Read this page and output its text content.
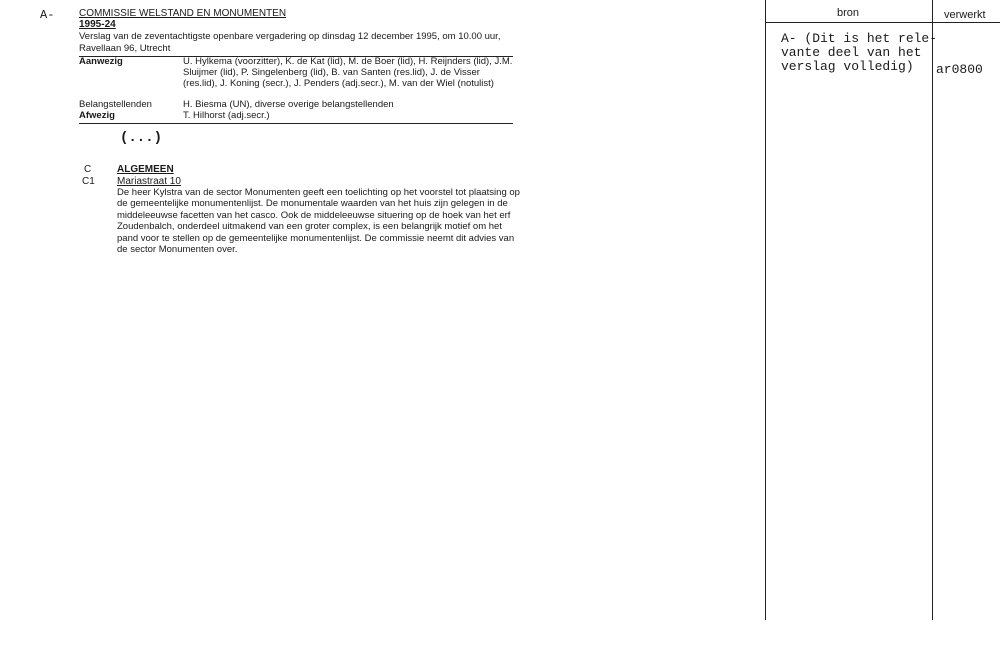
A- COMMISSIE WELSTAND EN MONUMENTEN
1995-24
Verslag van de zeventachtigste openbare vergadering op dinsdag 12 december 1995, om 10.00 uur, Ravellaan 96, Utrecht
Aanwezig	U. Hylkema (voorzitter), K. de Kat (lid), M. de Boer (lid), H. Reijnders (lid), J.M. Sluijmer (lid), P. Singelenberg (lid), B. van Santen (res.lid), J. de Visser (res.lid), J. Koning (secr.), J. Penders (adj.secr.), M. van der Wiel (notulist)
Belangstellenden	H. Biesma (UN), diverse overige belangstellenden
Afwezig	T. Hilhorst (adj.secr.)
(...)
C	ALGEMEEN
C1 Mariastraat 10
De heer Kylstra van de sector Monumenten geeft een toelichting op het voorstel tot plaatsing op de gemeentelijke monumentenlijst. De monumentale waarden van het huis zijn gelegen in de middeleeuwse facetten van het casco. Ook de middeleeuwse situering op de hoek van het erf Zoudenbalch, onderdeel uitmakend van een groter complex, is een belangrijk motief om het pand voor te stellen op de gemeentelijke monumentenlijst. De commissie neemt dit advies van de sector Monumenten over.
bron	verwerkt
A- (Dit is het rele-
vante deel van het
verslag volledig)	ar0800
